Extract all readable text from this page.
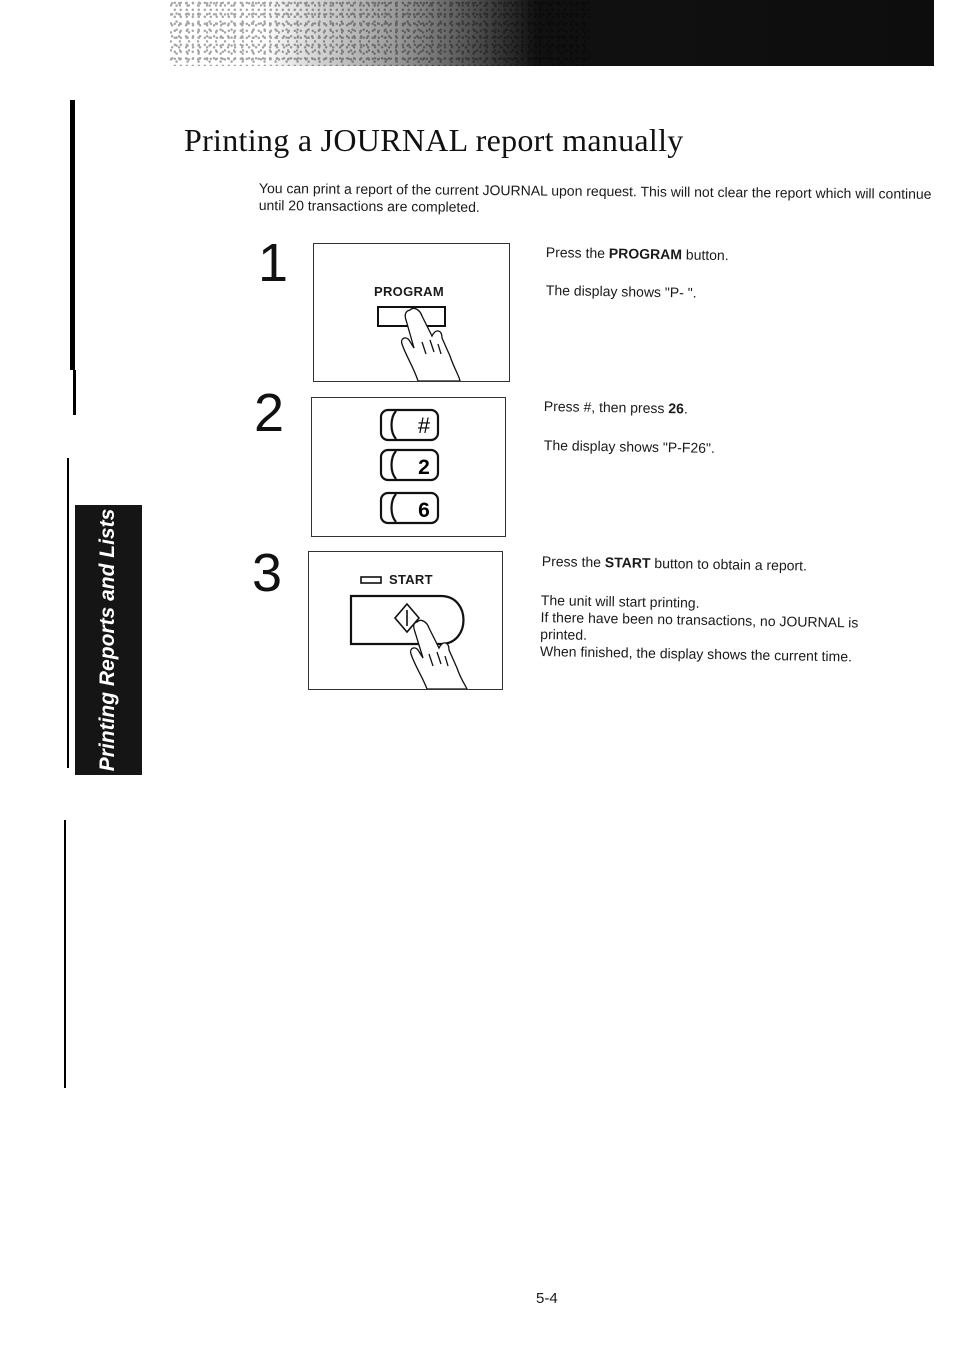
Printing Reports and Lists
Printing a JOURNAL report manually

You can print a report of the current JOURNAL upon request. This will not clear the report which will continue until 20 transactions are completed.

1	PROGRAM
Press the PROGRAM button.
The display shows "P- ".
2	#
2
6
Press #, then press 26.
The display shows "P-F26".
3	START
Press the START button to obtain a report.
The unit will start printing.
If there have been no transactions, no JOURNAL is printed.
When finished, the display shows the current time.
5-4
